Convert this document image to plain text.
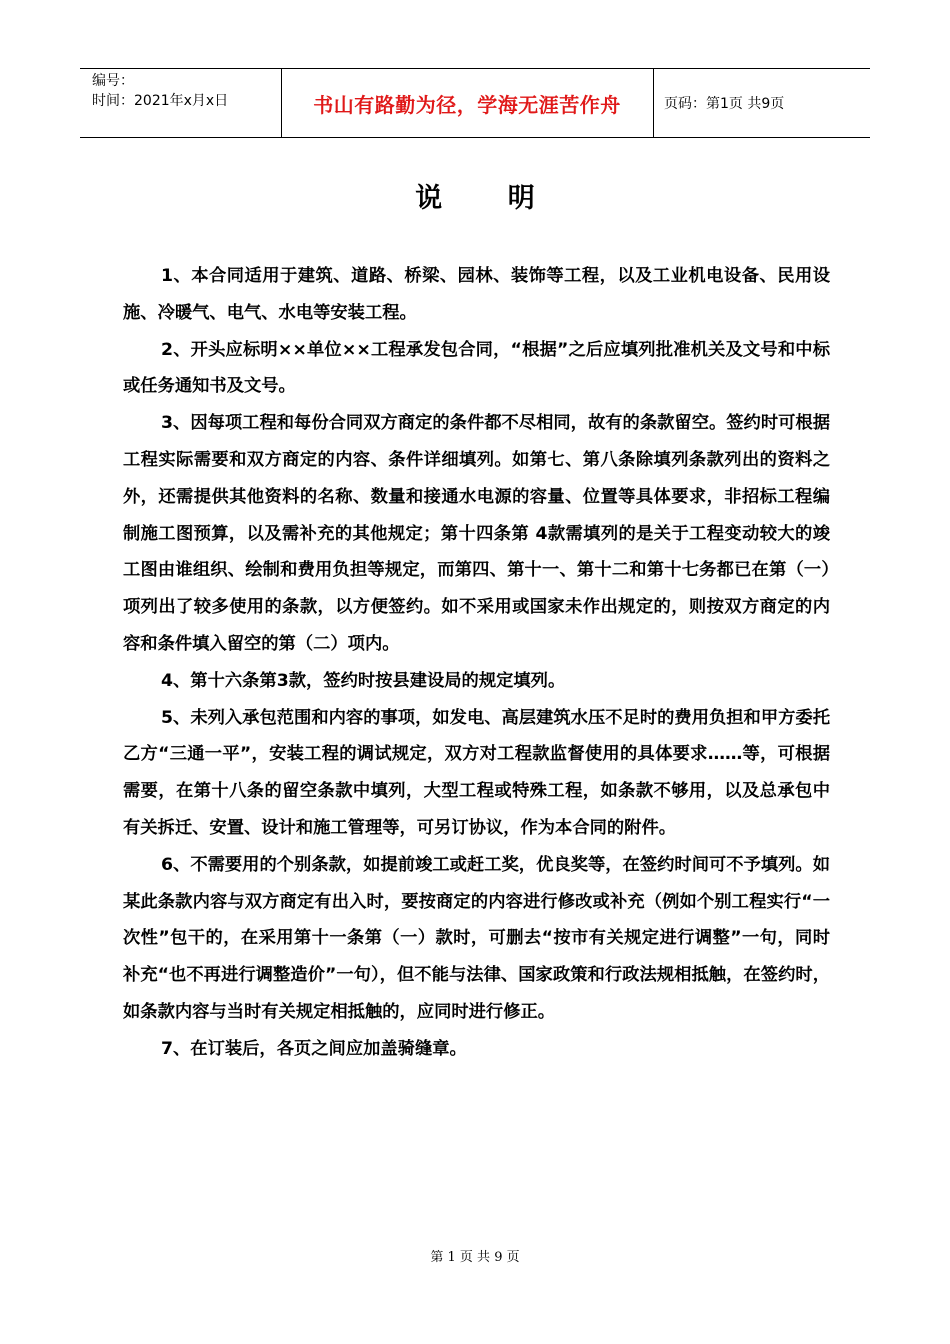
编号：
时间：2021年x月x日	书山有路勤为径，学海无涯苦作舟	页码：第1页 共9页
说 明

1、本合同适用于建筑、道路、桥梁、园林、装饰等工程，以及工业机电设备、民用设施、冷暖气、电气、水电等安装工程。

2、开头应标明××单位××工程承发包合同，“根据”之后应填列批准机关及文号和中标或任务通知书及文号。

3、因每项工程和每份合同双方商定的条件都不尽相同，故有的条款留空。签约时可根据工程实际需要和双方商定的内容、条件详细填列。如第七、第八条除填列条款列出的资料之外，还需提供其他资料的名称、数量和接通水电源的容量、位置等具体要求，非招标工程编制施工图预算，以及需补充的其他规定；第十四条第 4款需填列的是关于工程变动较大的竣工图由谁组织、绘制和费用负担等规定，而第四、第十一、第十二和第十七务都已在第（一）项列出了较多使用的条款，以方便签约。如不采用或国家未作出规定的，则按双方商定的内容和条件填入留空的第（二）项内。

4、第十六条第3款，签约时按县建设局的规定填列。

5、未列入承包范围和内容的事项，如发电、高层建筑水压不足时的费用负担和甲方委托乙方“三通一平”，安装工程的调试规定，双方对工程款监督使用的具体要求……等，可根据需要，在第十八条的留空条款中填列，大型工程或特殊工程，如条款不够用，以及总承包中有关拆迁、安置、设计和施工管理等，可另订协议，作为本合同的附件。

6、不需要用的个别条款，如提前竣工或赶工奖，优良奖等，在签约时间可不予填列。如某此条款内容与双方商定有出入时，要按商定的内容进行修改或补充（例如个别工程实行“一次性”包干的，在采用第十一条第（一）款时，可删去“按市有关规定进行调整”一句，同时补充“也不再进行调整造价”一句），但不能与法律、国家政策和行政法规相抵触，在签约时，如条款内容与当时有关规定相抵触的，应同时进行修正。

7、在订装后，各页之间应加盖骑缝章。

第 1 页 共 9 页
